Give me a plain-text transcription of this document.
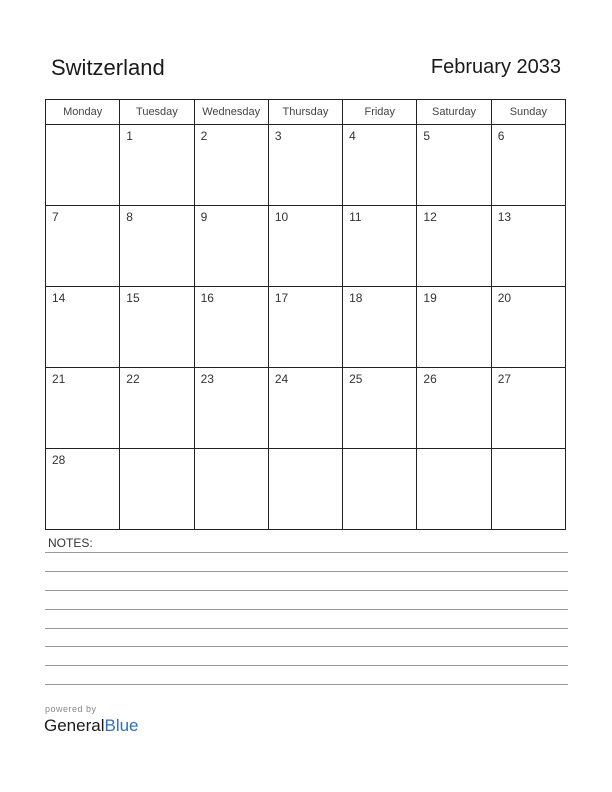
Switzerland	February 2033
Monday	Tuesday	Wednesday	Thursday	Friday	Saturday	Sunday
	1	2	3	4	5	6
7	8	9	10	11	12	13
14	15	16	17	18	19	20
21	22	23	24	25	26	27
28						
NOTES:
powered by
GeneralBlue
